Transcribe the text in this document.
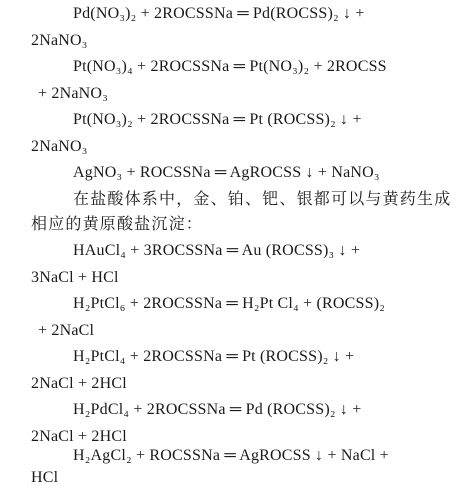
Pd(NO₃)₂ + 2ROCSSNa ═ Pd(ROCSS)₂ ↓ +
2NaNO₃
Pt(NO₃)₄ + 2ROCSSNa ═ Pt(NO₃)₂ + 2ROCSS
+ 2NaNO₃
Pt(NO₃)₂ + 2ROCSSNa ═ Pt (ROCSS)₂ ↓ +
2NaNO₃
AgNO₃ + ROCSSNa ═ AgROCSS ↓ + NaNO₃
在盐酸体系中，金、铂、钯、银都可以与黄药生成
相应的黄原酸盐沉淀：
HAuCl₄ + 3ROCSSNa ═ Au (ROCSS)₃ ↓ +
3NaCl + HCl
H₂PtCl₆ + 2ROCSSNa ═ H₂Pt Cl₄ + (ROCSS)₂
+ 2NaCl
H₂PtCl₄ + 2ROCSSNa ═ Pt (ROCSS)₂ ↓ +
2NaCl + 2HCl
H₂PdCl₄ + 2ROCSSNa ═ Pd (ROCSS)₂ ↓ +
2NaCl + 2HCl
H₂AgCl₂ + ROCSSNa ═ AgROCSS ↓ + NaCl +
HCl
